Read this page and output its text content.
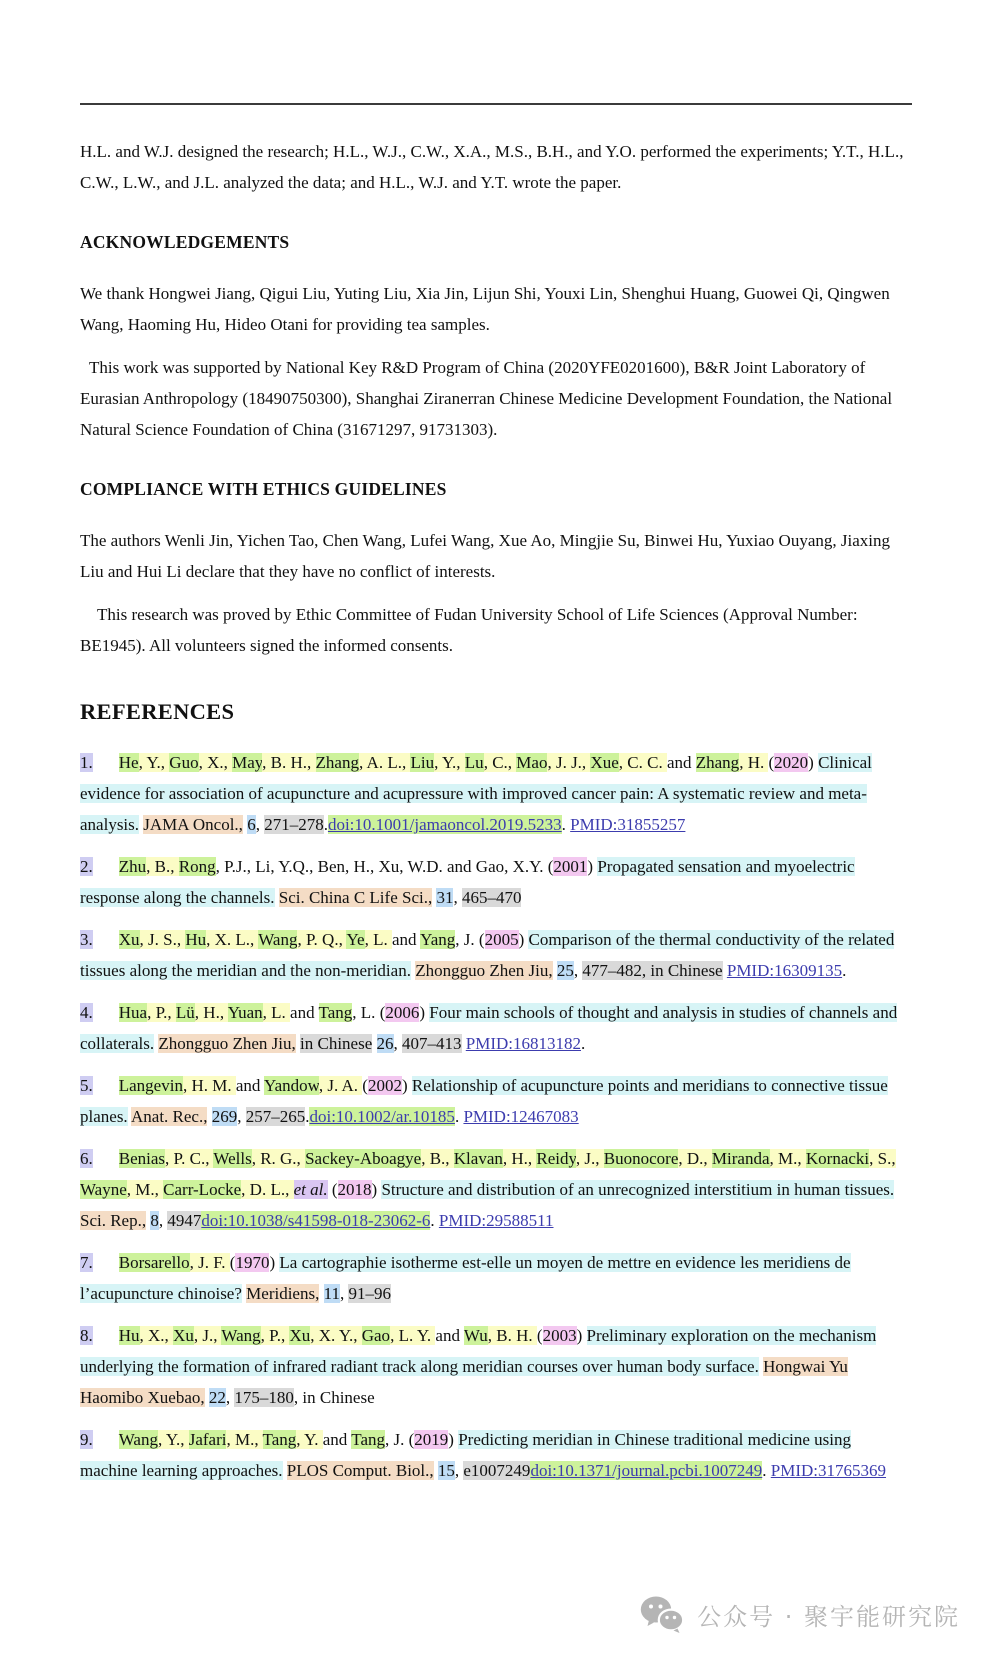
H.L. and W.J. designed the research; H.L., W.J., C.W., X.A., M.S., B.H., and Y.O. performed the experiments; Y.T., H.L., C.W., L.W., and J.L. analyzed the data; and H.L., W.J. and Y.T. wrote the paper.

ACKNOWLEDGEMENTS

We thank Hongwei Jiang, Qigui Liu, Yuting Liu, Xia Jin, Lijun Shi, Youxi Lin, Shenghui Huang, Guowei Qi, Qingwen Wang, Haoming Hu, Hideo Otani for providing tea samples.

This work was supported by National Key R&D Program of China (2020YFE0201600), B&R Joint Laboratory of Eurasian Anthropology (18490750300), Shanghai Ziranerran Chinese Medicine Development Foundation, the National Natural Science Foundation of China (31671297, 91731303).

COMPLIANCE WITH ETHICS GUIDELINES

The authors Wenli Jin, Yichen Tao, Chen Wang, Lufei Wang, Xue Ao, Mingjie Su, Binwei Hu, Yuxiao Ouyang, Jiaxing Liu and Hui Li declare that they have no conflict of interests.

This research was proved by Ethic Committee of Fudan University School of Life Sciences (Approval Number: BE1945). All volunteers signed the informed consents.

REFERENCES

1. He, Y., Guo, X., May, B. H., Zhang, A. L., Liu, Y., Lu, C., Mao, J. J., Xue, C. C. and Zhang, H. (2020) Clinical evidence for association of acupuncture and acupressure with improved cancer pain: A systematic review and meta-analysis. JAMA Oncol., 6, 271–278.doi:10.1001/jamaoncol.2019.5233. PMID:31855257

2. Zhu, B., Rong, P.J., Li, Y.Q., Ben, H., Xu, W.D. and Gao, X.Y. (2001) Propagated sensation and myoelectric response along the channels. Sci. China C Life Sci., 31, 465–470

3. Xu, J. S., Hu, X. L., Wang, P. Q., Ye, L. and Yang, J. (2005) Comparison of the thermal conductivity of the related tissues along the meridian and the non-meridian. Zhongguo Zhen Jiu, 25, 477–482, in Chinese PMID:16309135.

4. Hua, P., Lü, H., Yuan, L. and Tang, L. (2006) Four main schools of thought and analysis in studies of channels and collaterals. Zhongguo Zhen Jiu, in Chinese 26, 407–413 PMID:16813182.

5. Langevin, H. M. and Yandow, J. A. (2002) Relationship of acupuncture points and meridians to connective tissue planes. Anat. Rec., 269, 257–265.doi:10.1002/ar.10185. PMID:12467083

6. Benias, P. C., Wells, R. G., Sackey-Aboagye, B., Klavan, H., Reidy, J., Buonocore, D., Miranda, M., Kornacki, S., Wayne, M., Carr-Locke, D. L., et al. (2018) Structure and distribution of an unrecognized interstitium in human tissues. Sci. Rep., 8, 4947doi:10.1038/s41598-018-23062-6. PMID:29588511

7. Borsarello, J. F. (1970) La cartographie isotherme est-elle un moyen de mettre en evidence les meridiens de l’acupuncture chinoise? Meridiens, 11, 91–96

8. Hu, X., Xu, J., Wang, P., Xu, X. Y., Gao, L. Y. and Wu, B. H. (2003) Preliminary exploration on the mechanism underlying the formation of infrared radiant track along meridian courses over human body surface. Hongwai Yu Haomibo Xuebao, 22, 175–180, in Chinese

9. Wang, Y., Jafari, M., Tang, Y. and Tang, J. (2019) Predicting meridian in Chinese traditional medicine using machine learning approaches. PLOS Comput. Biol., 15, e1007249doi:10.1371/journal.pcbi.1007249. PMID:31765369

公众号 · 聚宇能研究院
